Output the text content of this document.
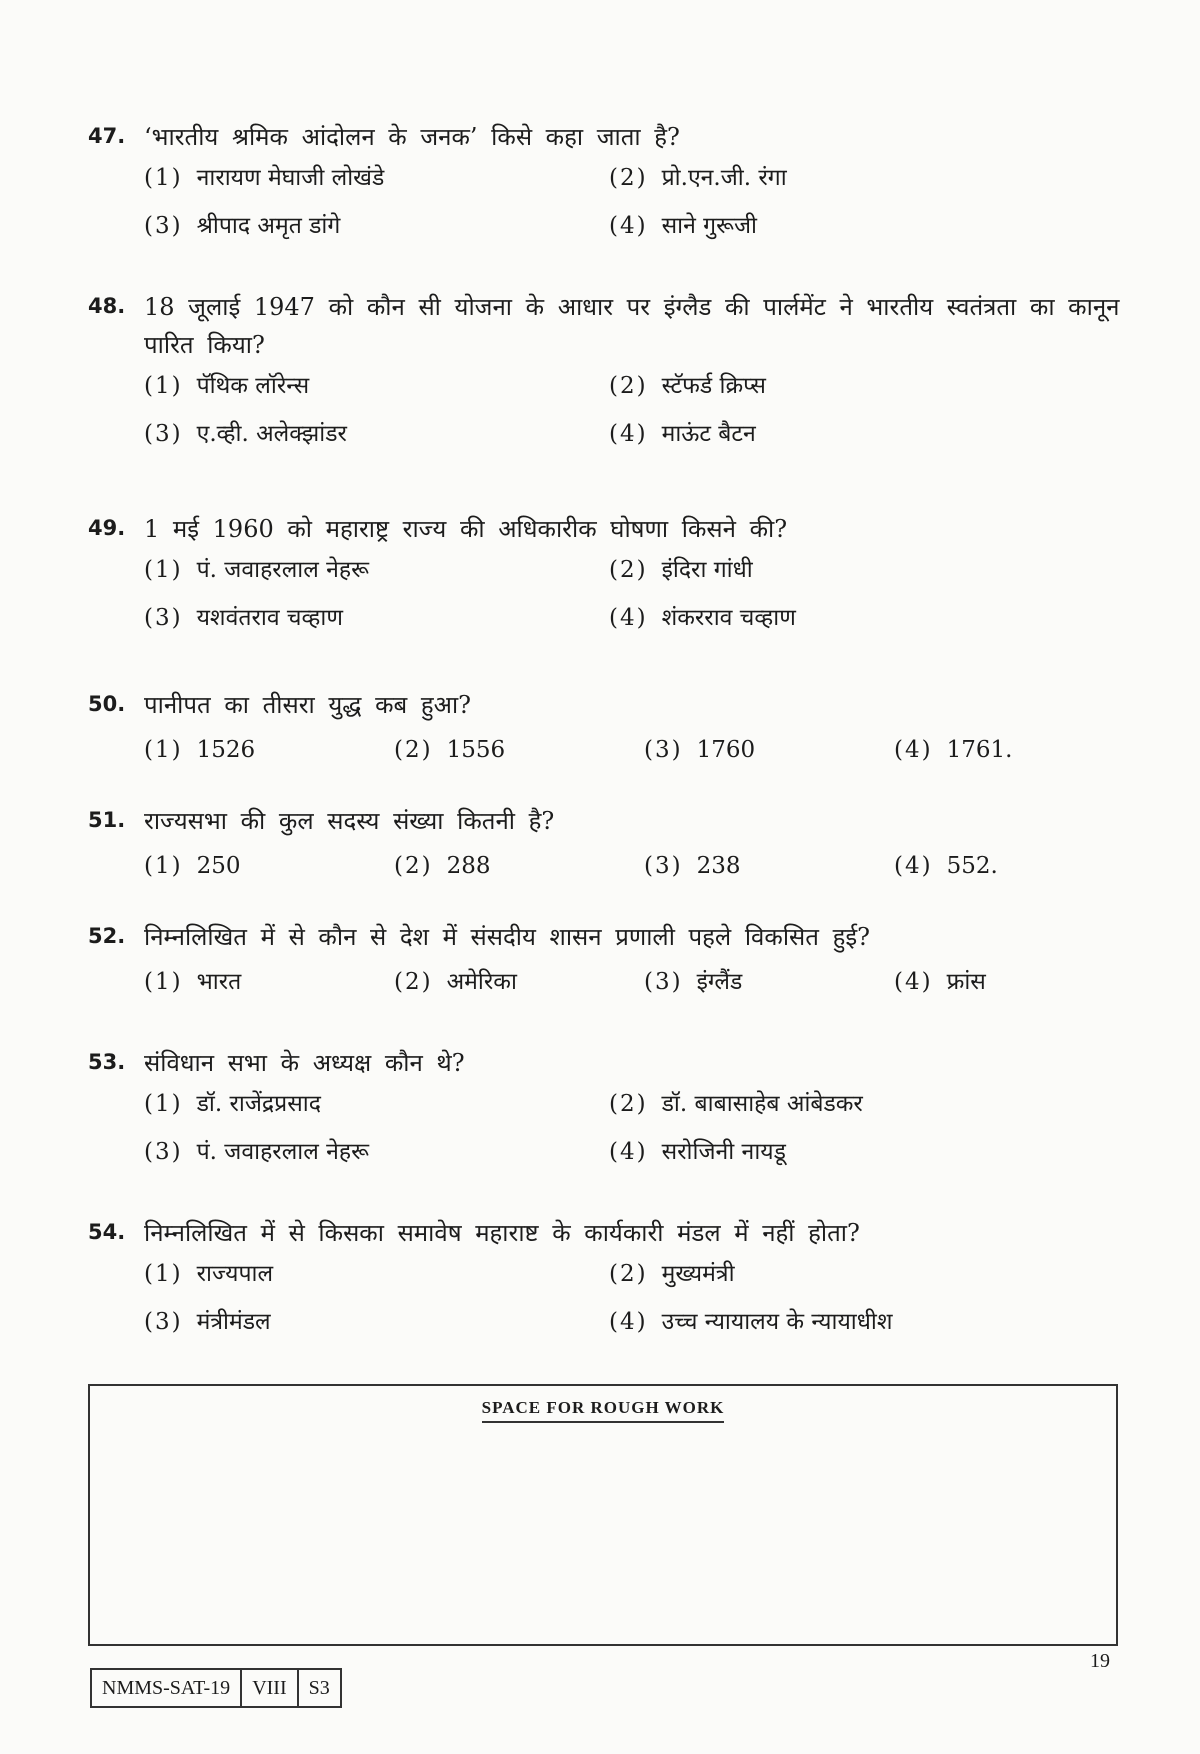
47. ‘भारतीय श्रमिक आंदोलन के जनक’ किसे कहा जाता है?
(1) नारायण मेघाजी लोखंडे	(2) प्रो.एन.जी. रंगा
(3) श्रीपाद अमृत डांगे	(4) साने गुरूजी
48. 18 जूलाई 1947 को कौन सी योजना के आधार पर इंग्लैड की पार्लमेंट ने भारतीय स्वतंत्रता का कानून पारित किया?
(1) पॅथिक लॉरेन्स	(2) स्टॅफर्ड क्रिप्स
(3) ए.व्ही. अलेक्झांडर	(4) माऊंट बैटन
49. 1 मई 1960 को महाराष्ट्र राज्य की अधिकारीक घोषणा किसने की?
(1) पं. जवाहरलाल नेहरू	(2) इंदिरा गांधी
(3) यशवंतराव चव्हाण	(4) शंकरराव चव्हाण
50. पानीपत का तीसरा युद्ध कब हुआ?
(1) 1526	(2) 1556	(3) 1760	(4) 1761.
51. राज्यसभा की कुल सदस्य संख्या कितनी है?
(1) 250	(2) 288	(3) 238	(4) 552.
52. निम्नलिखित में से कौन से देश में संसदीय शासन प्रणाली पहले विकसित हुई?
(1) भारत	(2) अमेरिका	(3) इंग्लैंड	(4) फ्रांस
53. संविधान सभा के अध्यक्ष कौन थे?
(1) डॉ. राजेंद्रप्रसाद	(2) डॉ. बाबासाहेब आंबेडकर
(3) पं. जवाहरलाल नेहरू	(4) सरोजिनी नायडू
54. निम्नलिखित में से किसका समावेष महाराष्ट के कार्यकारी मंडल में नहीं होता?
(1) राज्यपाल	(2) मुख्यमंत्री
(3) मंत्रीमंडल	(4) उच्च न्यायालय के न्यायाधीश
SPACE FOR ROUGH WORK
19
NMMS-SAT-19	VIII	S3
